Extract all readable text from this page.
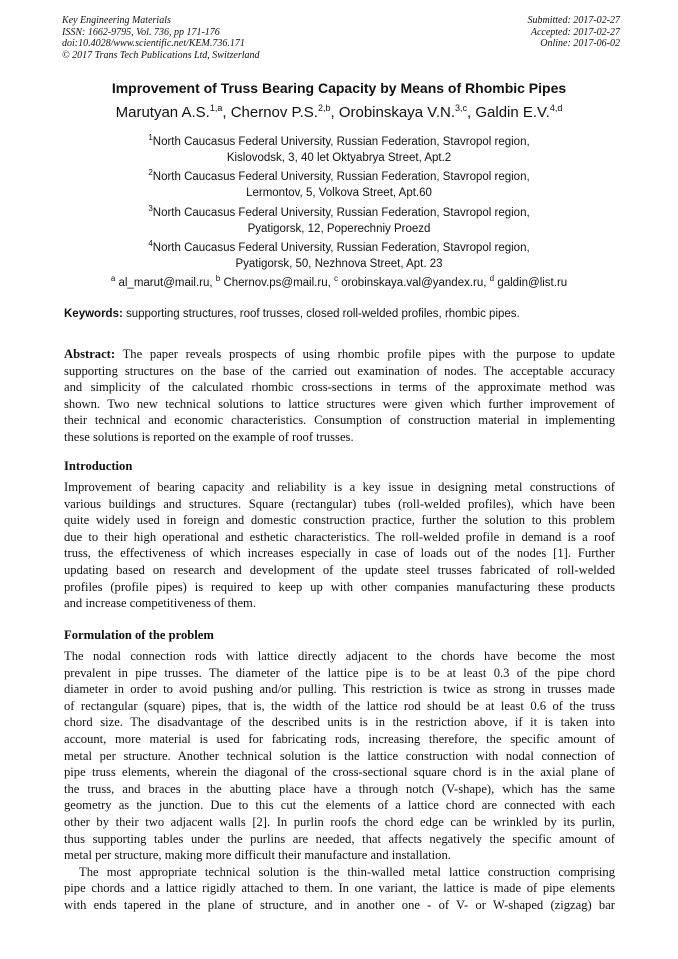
Key Engineering Materials
ISSN: 1662-9795, Vol. 736, pp 171-176
doi:10.4028/www.scientific.net/KEM.736.171
© 2017 Trans Tech Publications Ltd, Switzerland
Submitted: 2017-02-27
Accepted: 2017-02-27
Online: 2017-06-02
Improvement of Truss Bearing Capacity by Means of Rhombic Pipes
Marutyan A.S.$^{1,a}$, Chernov P.S.$^{2,b}$, Orobinskaya V.N.$^{3,c}$, Galdin E.V.$^{4,d}$
$^1$North Caucasus Federal University, Russian Federation, Stavropol region,
Kislovodsk, 3, 40 let Oktyabrya Street, Apt.2
$^2$North Caucasus Federal University, Russian Federation, Stavropol region,
Lermontov, 5, Volkova Street, Apt.60
$^3$North Caucasus Federal University, Russian Federation, Stavropol region,
Pyatigorsk, 12, Poperechniy Proezd
$^4$North Caucasus Federal University, Russian Federation, Stavropol region,
Pyatigorsk, 50, Nezhnova Street, Apt. 23
$^a$ al_marut@mail.ru, $^b$ Chernov.ps@mail.ru, $^c$ orobinskaya.val@yandex.ru, $^d$ galdin@list.ru
Keywords: supporting structures, roof trusses, closed roll-welded profiles, rhombic pipes.
Abstract: The paper reveals prospects of using rhombic profile pipes with the purpose to update
supporting structures on the base of the carried out examination of nodes. The acceptable accuracy
and simplicity of the calculated rhombic cross-sections in terms of the approximate method was
shown. Two new technical solutions to lattice structures were given which further improvement of
their technical and economic characteristics. Consumption of construction material in implementing
these solutions is reported on the example of roof trusses.
Introduction
Improvement of bearing capacity and reliability is a key issue in designing metal constructions of
various buildings and structures. Square (rectangular) tubes (roll-welded profiles), which have been
quite widely used in foreign and domestic construction practice, further the solution to this problem
due to their high operational and esthetic characteristics. The roll-welded profile in demand is a roof
truss, the effectiveness of which increases especially in case of loads out of the nodes [1]. Further
updating based on research and development of the update steel trusses fabricated of roll-welded
profiles (profile pipes) is required to keep up with other companies manufacturing these products
and increase competitiveness of them.
Formulation of the problem
The nodal connection rods with lattice directly adjacent to the chords have become the most
prevalent in pipe trusses. The diameter of the lattice pipe is to be at least 0.3 of the pipe chord
diameter in order to avoid pushing and/or pulling. This restriction is twice as strong in trusses made
of rectangular (square) pipes, that is, the width of the lattice rod should be at least 0.6 of the truss
chord size. The disadvantage of the described units is in the restriction above, if it is taken into
account, more material is used for fabricating rods, increasing therefore, the specific amount of
metal per structure. Another technical solution is the lattice construction with nodal connection of
pipe truss elements, wherein the diagonal of the cross-sectional square chord is in the axial plane of
the truss, and braces in the abutting place have a through notch (V-shape), which has the same
geometry as the junction. Due to this cut the elements of a lattice chord are connected with each
other by their two adjacent walls [2]. In purlin roofs the chord edge can be wrinkled by its purlin,
thus supporting tables under the purlins are needed, that affects negatively the specific amount of
metal per structure, making more difficult their manufacture and installation.
The most appropriate technical solution is the thin-walled metal lattice construction comprising
pipe chords and a lattice rigidly attached to them. In one variant, the lattice is made of pipe elements
with ends tapered in the plane of structure, and in another one - of V- or W-shaped (zigzag) bar
